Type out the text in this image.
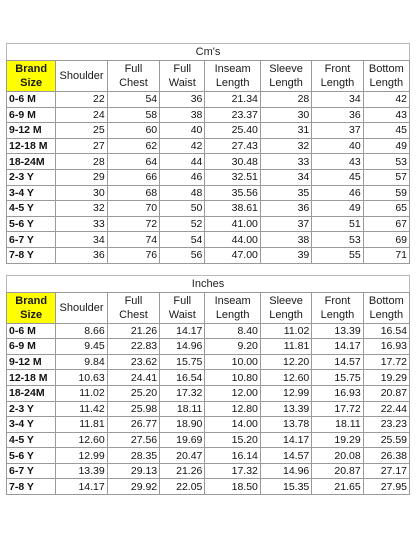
Cm's
Brand Size	Shoulder	Full Chest	Full Waist	Inseam Length	Sleeve Length	Front Length	Bottom Length
0-6 M	22	54	36	21.34	28	34	42
6-9 M	24	58	38	23.37	30	36	43
9-12 M	25	60	40	25.40	31	37	45
12-18 M	27	62	42	27.43	32	40	49
18-24M	28	64	44	30.48	33	43	53
2-3 Y	29	66	46	32.51	34	45	57
3-4 Y	30	68	48	35.56	35	46	59
4-5 Y	32	70	50	38.61	36	49	65
5-6 Y	33	72	52	41.00	37	51	67
6-7 Y	34	74	54	44.00	38	53	69
7-8 Y	36	76	56	47.00	39	55	71
Inches
Brand Size	Shoulder	Full Chest	Full Waist	Inseam Length	Sleeve Length	Front Length	Bottom Length
0-6 M	8.66	21.26	14.17	8.40	11.02	13.39	16.54
6-9 M	9.45	22.83	14.96	9.20	11.81	14.17	16.93
9-12 M	9.84	23.62	15.75	10.00	12.20	14.57	17.72
12-18 M	10.63	24.41	16.54	10.80	12.60	15.75	19.29
18-24M	11.02	25.20	17.32	12.00	12.99	16.93	20.87
2-3 Y	11.42	25.98	18.11	12.80	13.39	17.72	22.44
3-4 Y	11.81	26.77	18.90	14.00	13.78	18.11	23.23
4-5 Y	12.60	27.56	19.69	15.20	14.17	19.29	25.59
5-6 Y	12.99	28.35	20.47	16.14	14.57	20.08	26.38
6-7 Y	13.39	29.13	21.26	17.32	14.96	20.87	27.17
7-8 Y	14.17	29.92	22.05	18.50	15.35	21.65	27.95
